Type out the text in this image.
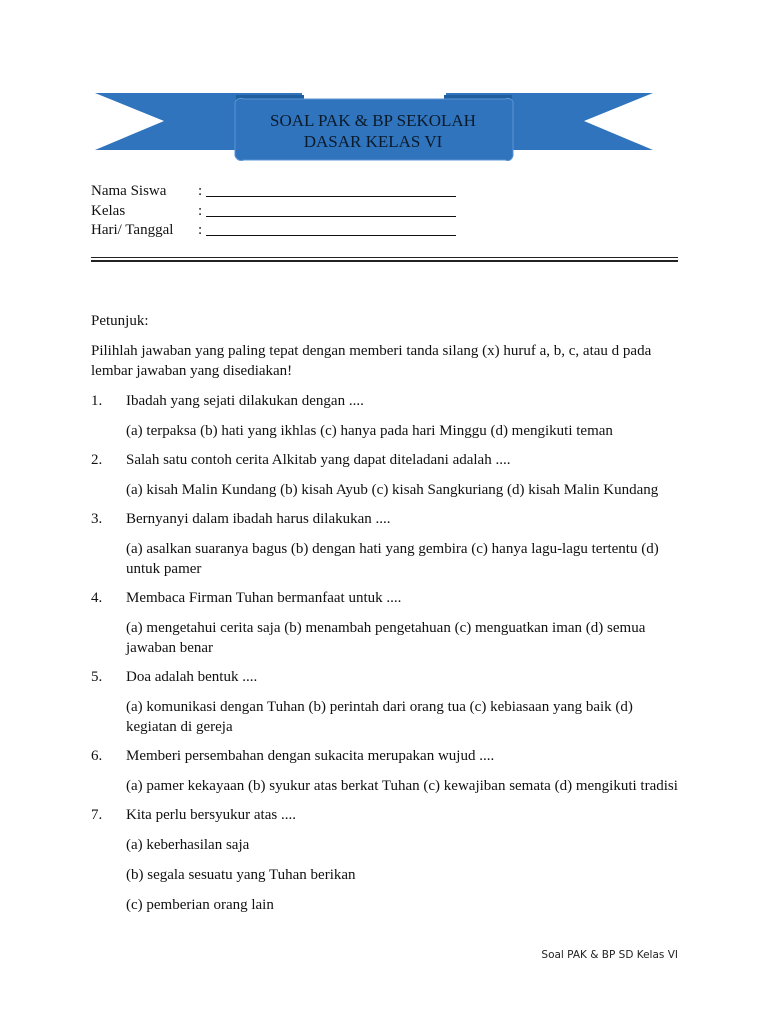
SOAL PAK & BP SEKOLAH
DASAR KELAS VI
Nama Siswa	:
Kelas	:
Hari/ Tanggal	:
Petunjuk:
Pilihlah jawaban yang paling tepat dengan memberi tanda silang (x) huruf a, b, c, atau d pada lembar jawaban yang disediakan!
1.	Ibadah yang sejati dilakukan dengan ....
(a) terpaksa (b) hati yang ikhlas (c) hanya pada hari Minggu (d) mengikuti teman
2.	Salah satu contoh cerita Alkitab yang dapat diteladani adalah ....
(a) kisah Malin Kundang (b) kisah Ayub (c) kisah Sangkuriang (d) kisah Malin Kundang
3.	Bernyanyi dalam ibadah harus dilakukan ....
(a) asalkan suaranya bagus (b) dengan hati yang gembira (c) hanya lagu-lagu tertentu (d) untuk pamer
4.	Membaca Firman Tuhan bermanfaat untuk ....
(a) mengetahui cerita saja (b) menambah pengetahuan (c) menguatkan iman (d) semua jawaban benar
5.	Doa adalah bentuk ....
(a) komunikasi dengan Tuhan (b) perintah dari orang tua (c) kebiasaan yang baik (d) kegiatan di gereja
6.	Memberi persembahan dengan sukacita merupakan wujud ....
(a) pamer kekayaan (b) syukur atas berkat Tuhan (c) kewajiban semata (d) mengikuti tradisi
7.	Kita perlu bersyukur atas ....
(a) keberhasilan saja
(b) segala sesuatu yang Tuhan berikan
(c) pemberian orang lain
Soal PAK & BP SD Kelas VI
